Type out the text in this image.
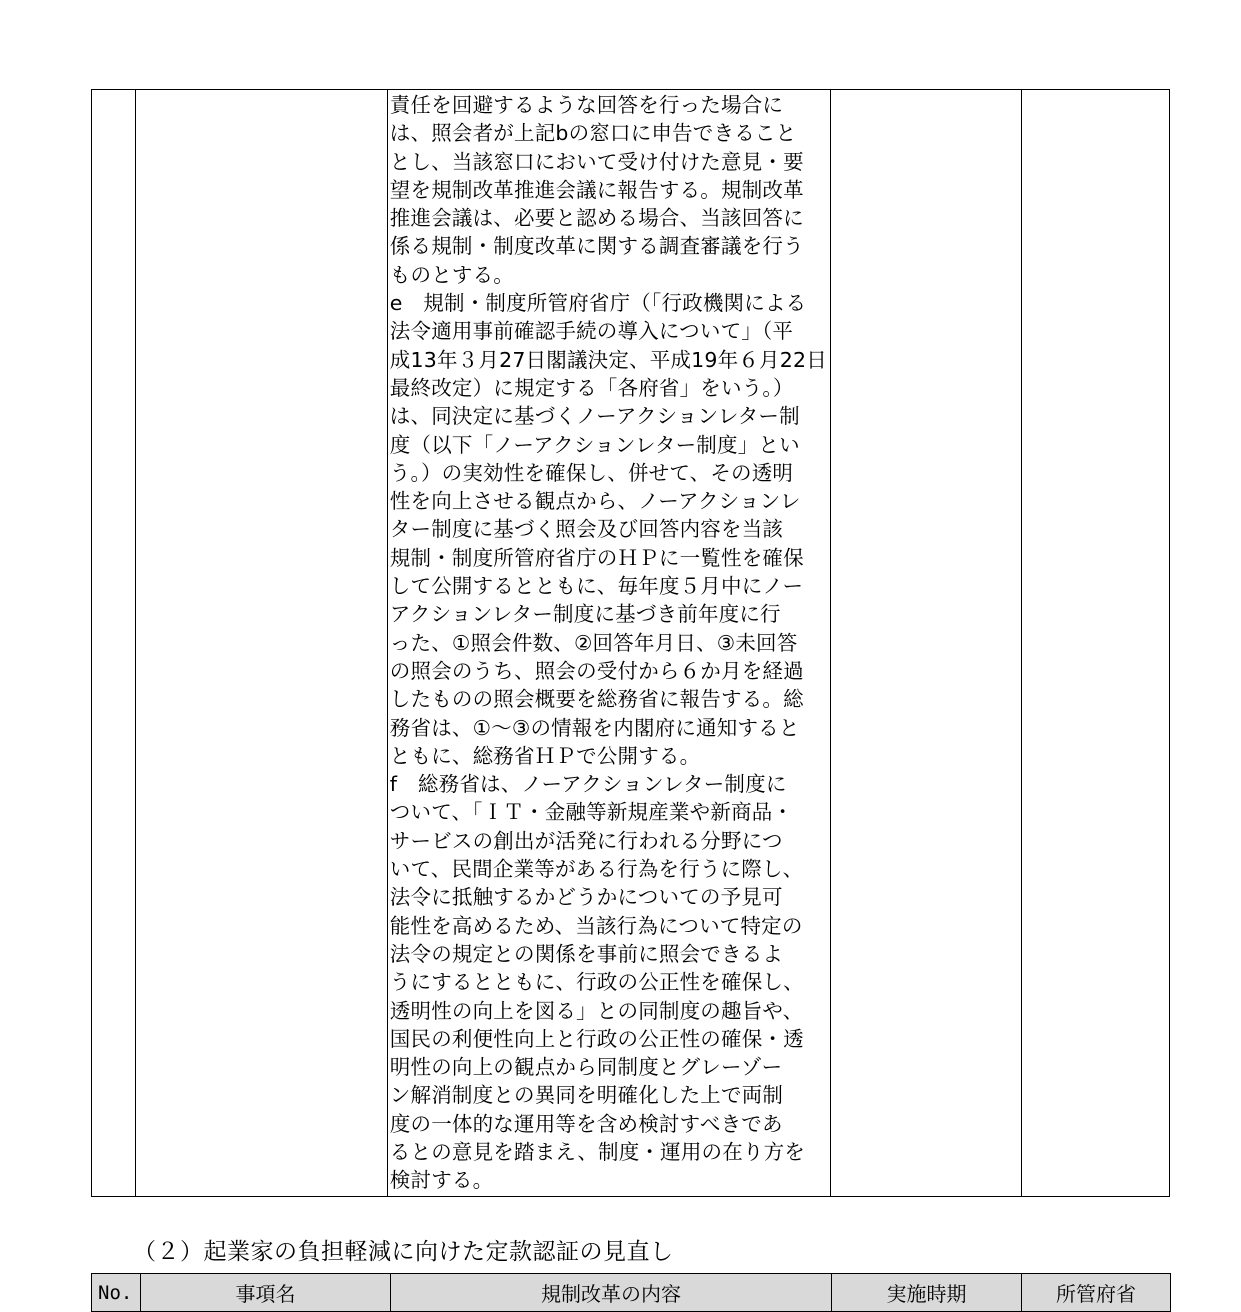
責任を回避するような回答を行った場合に
は、照会者が上記bの窓口に申告できること
とし、当該窓口において受け付けた意見・要
望を規制改革推進会議に報告する。規制改革
推進会議は、必要と認める場合、当該回答に
係る規制・制度改革に関する調査審議を行う
ものとする。
e　規制・制度所管府省庁（「行政機関による
法令適用事前確認手続の導入について」（平
成13年３月27日閣議決定、平成19年６月22日
最終改定）に規定する「各府省」をいう。）
は、同決定に基づくノーアクションレター制
度（以下「ノーアクションレター制度」とい
う。）の実効性を確保し、併せて、その透明
性を向上させる観点から、ノーアクションレ
ター制度に基づく照会及び回答内容を当該
規制・制度所管府省庁のＨＰに一覧性を確保
して公開するとともに、毎年度５月中にノー
アクションレター制度に基づき前年度に行
った、①照会件数、②回答年月日、③未回答
の照会のうち、照会の受付から６か月を経過
したものの照会概要を総務省に報告する。総
務省は、①～③の情報を内閣府に通知すると
ともに、総務省ＨＰで公開する。
f　総務省は、ノーアクションレター制度に
ついて、「ＩＴ・金融等新規産業や新商品・
サービスの創出が活発に行われる分野につ
いて、民間企業等がある行為を行うに際し、
法令に抵触するかどうかについての予見可
能性を高めるため、当該行為について特定の
法令の規定との関係を事前に照会できるよ
うにするとともに、行政の公正性を確保し、
透明性の向上を図る」との同制度の趣旨や、
国民の利便性向上と行政の公正性の確保・透
明性の向上の観点から同制度とグレーゾー
ン解消制度との異同を明確化した上で両制
度の一体的な運用等を含め検討すべきであ
るとの意見を踏まえ、制度・運用の在り方を
検討する。

（２）起業家の負担軽減に向けた定款認証の見直し
No.	事項名	規制改革の内容	実施時期	所管府省
